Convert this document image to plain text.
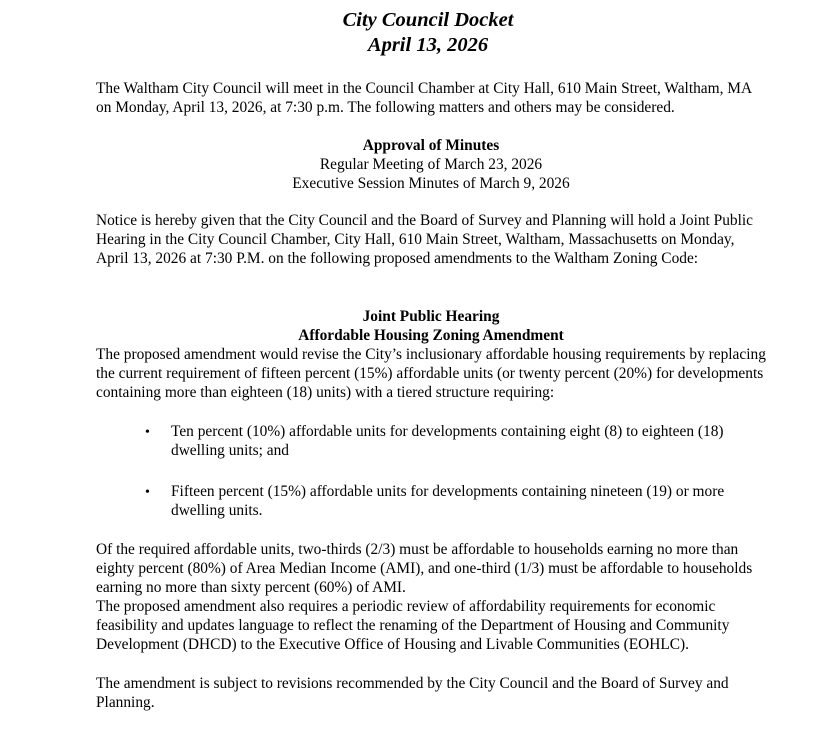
City Council Docket
April 13, 2026

The Waltham City Council will meet in the Council Chamber at City Hall, 610 Main Street, Waltham, MA on Monday, April 13, 2026, at 7:30 p.m. The following matters and others may be considered.

Approval of Minutes

Regular Meeting of March 23, 2026

Executive Session Minutes of March 9, 2026

Notice is hereby given that the City Council and the Board of Survey and Planning will hold a Joint Public Hearing in the City Council Chamber, City Hall, 610 Main Street, Waltham, Massachusetts on Monday, April 13, 2026 at 7:30 P.M. on the following proposed amendments to the Waltham Zoning Code:

Joint Public Hearing

Affordable Housing Zoning Amendment

The proposed amendment would revise the City’s inclusionary affordable housing requirements by replacing the current requirement of fifteen percent (15%) affordable units (or twenty percent (20%) for developments containing more than eighteen (18) units) with a tiered structure requiring:

• Ten percent (10%) affordable units for developments containing eight (8) to eighteen (18) dwelling units; and

• Fifteen percent (15%) affordable units for developments containing nineteen (19) or more dwelling units.

Of the required affordable units, two-thirds (2/3) must be affordable to households earning no more than eighty percent (80%) of Area Median Income (AMI), and one-third (1/3) must be affordable to households earning no more than sixty percent (60%) of AMI.

The proposed amendment also requires a periodic review of affordability requirements for economic feasibility and updates language to reflect the renaming of the Department of Housing and Community Development (DHCD) to the Executive Office of Housing and Livable Communities (EOHLC).

The amendment is subject to revisions recommended by the City Council and the Board of Survey and Planning.
